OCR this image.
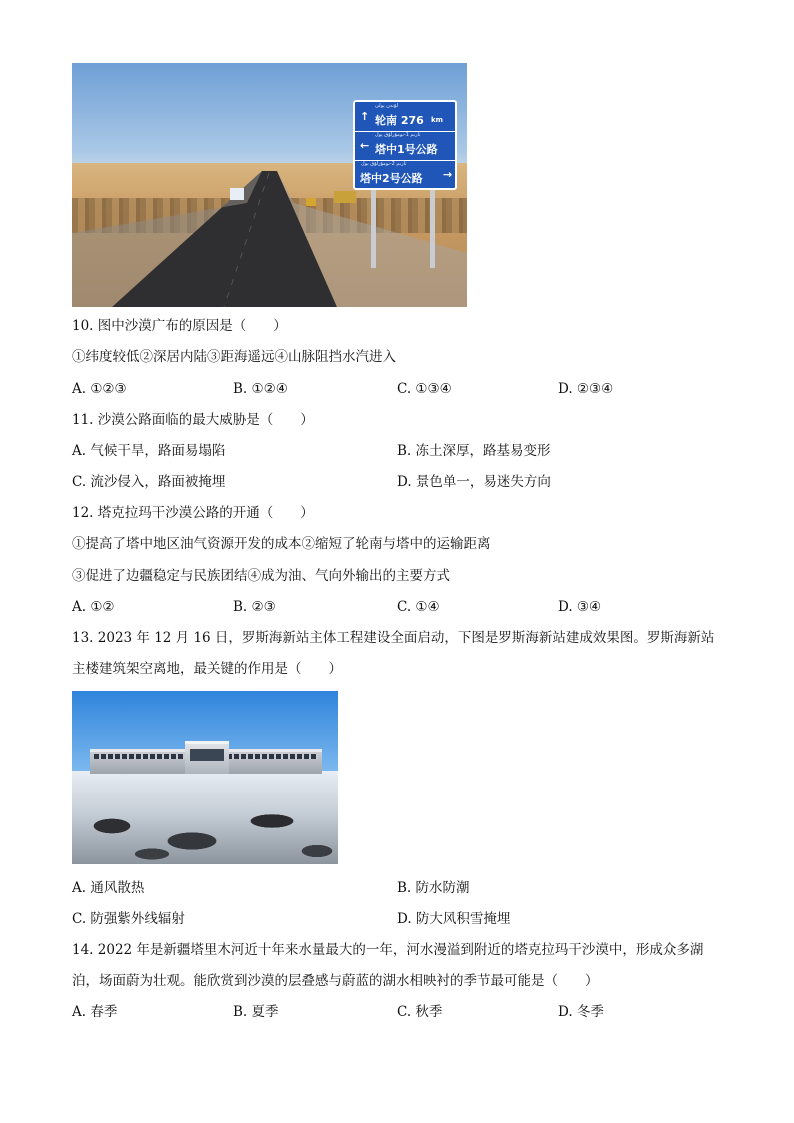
↑
لۇنەن يولى
轮南 276 km
←
تارىم 1-نومۇرلۇق يول
塔中1号公路
→
تارىم 2-نومۇرلۇق يول
塔中2号公路
10. 图中沙漠广布的原因是（　　）
①纬度较低②深居内陆③距海遥远④山脉阻挡水汽进入
A. ①②③	B. ①②④	C. ①③④	D. ②③④
11. 沙漠公路面临的最大威胁是（　　）
A. 气候干旱，路面易塌陷	B. 冻土深厚，路基易变形
C. 流沙侵入，路面被掩埋	D. 景色单一，易迷失方向
12. 塔克拉玛干沙漠公路的开通（　　）
①提高了塔中地区油气资源开发的成本②缩短了轮南与塔中的运输距离
③促进了边疆稳定与民族团结④成为油、气向外输出的主要方式
A. ①②	B. ②③	C. ①④	D. ③④
13. 2023 年 12 月 16 日，罗斯海新站主体工程建设全面启动，下图是罗斯海新站建成效果图。罗斯海新站
主楼建筑架空离地，最关键的作用是（　　）
A. 通风散热	B. 防水防潮
C. 防强紫外线辐射	D. 防大风积雪掩埋
14. 2022 年是新疆塔里木河近十年来水量最大的一年，河水漫溢到附近的塔克拉玛干沙漠中，形成众多湖
泊，场面蔚为壮观。能欣赏到沙漠的层叠感与蔚蓝的湖水相映衬的季节最可能是（　　）
A. 春季	B. 夏季	C. 秋季	D. 冬季
